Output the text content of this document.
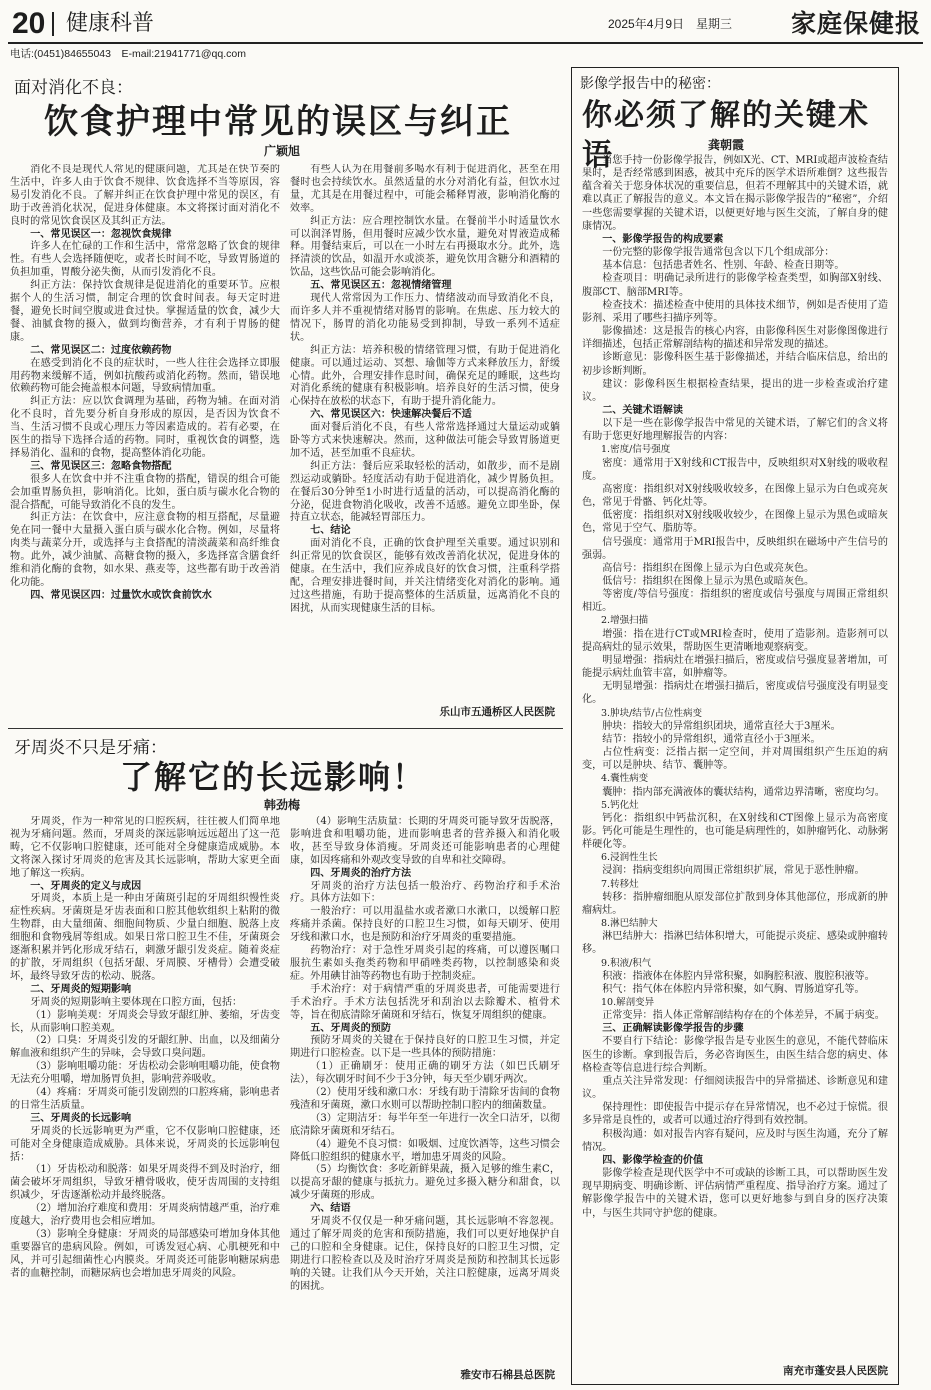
20 健康科普	2025年4月9日　星期三 家庭保健报
电话:(0451)84655043　E-mail:21941771@qq.com
面对消化不良：
饮食护理中常见的误区与纠正
广颖旭

消化不良是现代人常见的健康问题，尤其是在快节奏的生活中，许多人由于饮食不规律、饮食选择不当等原因，容易引发消化不良。了解并纠正在饮食护理中常见的误区，有助于改善消化状况，促进身体健康。本文将探讨面对消化不良时的常见饮食误区及其纠正方法。

一、常见误区一：忽视饮食规律

许多人在忙碌的工作和生活中，常常忽略了饮食的规律性。有些人会选择随便吃，或者长时间不吃，导致胃肠道的负担加重，胃酸分泌失衡，从而引发消化不良。

纠正方法：保持饮食规律是促进消化的重要环节。应根据个人的生活习惯，制定合理的饮食时间表。每天定时进餐，避免长时间空腹或进食过快。掌握适量的饮食，减少大餐、油腻食物的摄入，做到均衡营养，才有利于胃肠的健康。

二、常见误区二：过度依赖药物

在感受到消化不良的症状时，一些人往往会选择立即服用药物来缓解不适，例如抗酸药或消化药物。然而，错误地依赖药物可能会掩盖根本问题，导致病情加重。

纠正方法：应以饮食调理为基础，药物为辅。在面对消化不良时，首先要分析自身形成的原因，是否因为饮食不当、生活习惯不良或心理压力等因素造成的。若有必要，在医生的指导下选择合适的药物。同时，重视饮食的调整，选择易消化、温和的食物，提高整体消化功能。

三、常见误区三：忽略食物搭配

很多人在饮食中并不注重食物的搭配，错误的组合可能会加重胃肠负担，影响消化。比如，蛋白质与碳水化合物的混合搭配，可能导致消化不良的发生。

纠正方法：在饮食中，应注意食物的相互搭配，尽量避免在同一餐中大量摄入蛋白质与碳水化合物。例如，尽量将肉类与蔬菜分开，或选择与主食搭配的清淡蔬菜和高纤维食物。此外，减少油腻、高糖食物的摄入，多选择富含膳食纤维和消化酶的食物，如水果、燕麦等，这些都有助于改善消化功能。

四、常见误区四：过量饮水或饮食前饮水

有些人认为在用餐前多喝水有利于促进消化，甚至在用餐时也会持续饮水。虽然适量的水分对消化有益，但饮水过量，尤其是在用餐过程中，可能会稀释胃液，影响消化酶的效率。

纠正方法：应合理控制饮水量。在餐前半小时适量饮水可以润泽胃肠，但用餐时应减少饮水量，避免对胃液造成稀释。用餐结束后，可以在一小时左右再摄取水分。此外，选择清淡的饮品，如温开水或淡茶，避免饮用含糖分和酒精的饮品，这些饮品可能会影响消化。

五、常见误区五：忽视情绪管理

现代人常常因为工作压力、情绪波动而导致消化不良，而许多人并不重视情绪对肠胃的影响。在焦虑、压力较大的情况下，肠胃的消化功能易受到抑制，导致一系列不适症状。

纠正方法：培养积极的情绪管理习惯，有助于促进消化健康。可以通过运动、冥想、瑜伽等方式来释放压力，舒缓心情。此外，合理安排作息时间，确保充足的睡眠，这些均对消化系统的健康有积极影响。培养良好的生活习惯，使身心保持在放松的状态下，有助于提升消化能力。

六、常见误区六：快速解决餐后不适

面对餐后消化不良，有些人常常选择通过大量运动或躺卧等方式来快速解决。然而，这种做法可能会导致胃肠道更加不适，甚至加重不良症状。

纠正方法：餐后应采取轻松的活动，如散步，而不是剧烈运动或躺卧。轻度活动有助于促进消化，减少胃肠负担。在餐后30分钟至1小时进行适量的活动，可以提高消化酶的分泌，促进食物消化吸收，改善不适感。避免立即坐卧，保持直立状态，能减轻胃部压力。

七、结论

面对消化不良，正确的饮食护理至关重要。通过识别和纠正常见的饮食误区，能够有效改善消化状况，促进身体的健康。在生活中，我们应养成良好的饮食习惯，注重科学搭配，合理安排进餐时间，并关注情绪变化对消化的影响。通过这些措施，有助于提高整体的生活质量，远离消化不良的困扰，从而实现健康生活的目标。

乐山市五通桥区人民医院
牙周炎不只是牙痛：
了解它的长远影响！
韩劲梅

牙周炎，作为一种常见的口腔疾病，往往被人们简单地视为牙痛问题。然而，牙周炎的深远影响远远超出了这一范畴，它不仅影响口腔健康，还可能对全身健康造成威胁。本文将深入探讨牙周炎的危害及其长远影响，帮助大家更全面地了解这一疾病。

一、牙周炎的定义与成因

牙周炎，本质上是一种由牙菌斑引起的牙周组织慢性炎症性疾病。牙菌斑是牙齿表面和口腔其他软组织上粘附的微生物群，由大量细菌、细胞间物质、少量白细胞、脱落上皮细胞和食物残屑等组成。如果日常口腔卫生不佳，牙菌斑会逐渐积累并钙化形成牙结石，刺激牙龈引发炎症。随着炎症的扩散，牙周组织（包括牙龈、牙周膜、牙槽骨）会遭受破坏，最终导致牙齿的松动、脱落。

二、牙周炎的短期影响

牙周炎的短期影响主要体现在口腔方面，包括：

（1）影响美观：牙周炎会导致牙龈红肿、萎缩，牙齿变长，从而影响口腔美观。

（2）口臭：牙周炎引发的牙龈红肿、出血，以及细菌分解血液和组织产生的异味，会导致口臭问题。

（3）影响咀嚼功能：牙齿松动会影响咀嚼功能，使食物无法充分咀嚼，增加肠胃负担，影响营养吸收。

（4）疼痛：牙周炎可能引发剧烈的口腔疼痛，影响患者的日常生活质量。

三、牙周炎的长远影响

牙周炎的长远影响更为严重，它不仅影响口腔健康，还可能对全身健康造成威胁。具体来说，牙周炎的长远影响包括：

（1）牙齿松动和脱落：如果牙周炎得不到及时治疗，细菌会破坏牙周组织，导致牙槽骨吸收，使牙齿周围的支持组织减少，牙齿逐渐松动并最终脱落。

（2）增加治疗难度和费用：牙周炎病情越严重，治疗难度越大，治疗费用也会相应增加。

（3）影响全身健康：牙周炎的局部感染可增加身体其他重要器官的患病风险。例如，可诱发冠心病、心肌梗死和中风，并可引起细菌性心内膜炎。牙周炎还可能影响糖尿病患者的血糖控制，而糖尿病也会增加患牙周炎的风险。

（4）影响生活质量：长期的牙周炎可能导致牙齿脱落，影响进食和咀嚼功能，进而影响患者的营养摄入和消化吸收，甚至导致身体消瘦。牙周炎还可能影响患者的心理健康，如因疼痛和外观改变导致的自卑和社交障碍。

四、牙周炎的治疗方法

牙周炎的治疗方法包括一般治疗、药物治疗和手术治疗。具体方法如下：

一般治疗：可以用温盐水或者漱口水漱口，以缓解口腔疼痛并杀菌。保持良好的口腔卫生习惯，如每天刷牙、使用牙线和漱口水，也是预防和治疗牙周炎的重要措施。

药物治疗：对于急性牙周炎引起的疼痛，可以遵医嘱口服抗生素如头孢类药物和甲硝唑类药物，以控制感染和炎症。外用碘甘油等药物也有助于控制炎症。

手术治疗：对于病情严重的牙周炎患者，可能需要进行手术治疗。手术方法包括洗牙和刮治以去除瓣术、植骨术等，旨在彻底清除牙菌斑和牙结石，恢复牙周组织的健康。

五、牙周炎的预防

预防牙周炎的关键在于保持良好的口腔卫生习惯，并定期进行口腔检查。以下是一些具体的预防措施：

（1）正确刷牙：使用正确的刷牙方法（如巴氏刷牙法），每次刷牙时间不少于3分钟，每天至少刷牙两次。

（2）使用牙线和漱口水：牙线有助于清除牙齿间的食物残渣和牙菌斑，漱口水则可以帮助控制口腔内的细菌数量。

（3）定期洁牙：每半年至一年进行一次全口洁牙，以彻底清除牙菌斑和牙结石。

（4）避免不良习惯：如吸烟、过度饮酒等，这些习惯会降低口腔组织的健康水平，增加患牙周炎的风险。

（5）均衡饮食：多吃新鲜果蔬，摄入足够的维生素C，以提高牙龈的健康与抵抗力。避免过多摄入糖分和甜食，以减少牙菌斑的形成。

六、结语

牙周炎不仅仅是一种牙痛问题，其长远影响不容忽视。通过了解牙周炎的危害和预防措施，我们可以更好地保护自己的口腔和全身健康。记住，保持良好的口腔卫生习惯，定期进行口腔检查以及及时治疗牙周炎是预防和控制其长远影响的关键。让我们从今天开始，关注口腔健康，远离牙周炎的困扰。

雅安市石棉县总医院
影像学报告中的秘密：
你必须了解的关键术语	龚朝霞

当您手持一份影像学报告，例如X光、CT、MRI或超声波检查结果时，是否经常感到困惑，被其中充斥的医学术语所难倒？这些报告蕴含着关于您身体状况的重要信息，但若不理解其中的关键术语，就难以真正了解报告的意义。本文旨在揭示影像学报告的“秘密”，介绍一些您需要掌握的关键术语，以便更好地与医生交流，了解自身的健康情况。

一、影像学报告的构成要素

一份完整的影像学报告通常包含以下几个组成部分：

基本信息：包括患者姓名、性别、年龄、检查日期等。

检查项目：明确记录所进行的影像学检查类型，如胸部X射线、腹部CT、脑部MRI等。

检查技术：描述检查中使用的具体技术细节，例如是否使用了造影剂、采用了哪些扫描序列等。

影像描述：这是报告的核心内容，由影像科医生对影像图像进行详细描述，包括正常解剖结构的描述和异常发现的描述。

诊断意见：影像科医生基于影像描述，并结合临床信息，给出的初步诊断判断。

建议：影像科医生根据检查结果，提出的进一步检查或治疗建议。

二、关键术语解读

以下是一些在影像学报告中常见的关键术语，了解它们的含义将有助于您更好地理解报告的内容：

1.密度/信号强度

密度：通常用于X射线和CT报告中，反映组织对X射线的吸收程度。

高密度：指组织对X射线吸收较多，在图像上显示为白色或亮灰色，常见于骨骼、钙化灶等。

低密度：指组织对X射线吸收较少，在图像上显示为黑色或暗灰色，常见于空气、脂肪等。

信号强度：通常用于MRI报告中，反映组织在磁场中产生信号的强弱。

高信号：指组织在图像上显示为白色或亮灰色。

低信号：指组织在图像上显示为黑色或暗灰色。

等密度/等信号强度：指组织的密度或信号强度与周围正常组织相近。

2.增强扫描

增强：指在进行CT或MRI检查时，使用了造影剂。造影剂可以提高病灶的显示效果，帮助医生更清晰地观察病变。

明显增强：指病灶在增强扫描后，密度或信号强度显著增加，可能提示病灶血管丰富，如肿瘤等。

无明显增强：指病灶在增强扫描后，密度或信号强度没有明显变化。

3.肿块/结节/占位性病变

肿块：指较大的异常组织团块，通常直径大于3厘米。

结节：指较小的异常组织，通常直径小于3厘米。

占位性病变：泛指占据一定空间，并对周围组织产生压迫的病变，可以是肿块、结节、囊肿等。

4.囊性病变

囊肿：指内部充满液体的囊状结构，通常边界清晰，密度均匀。

5.钙化灶

钙化：指组织中钙盐沉积，在X射线和CT图像上显示为高密度影。钙化可能是生理性的，也可能是病理性的，如肿瘤钙化、动脉粥样硬化等。

6.浸润性生长

浸润：指病变组织向周围正常组织扩展，常见于恶性肿瘤。

7.转移灶

转移：指肿瘤细胞从原发部位扩散到身体其他部位，形成新的肿瘤病灶。

8.淋巴结肿大

淋巴结肿大：指淋巴结体积增大，可能提示炎症、感染或肿瘤转移。

9.积液/积气

积液：指液体在体腔内异常积聚，如胸腔积液、腹腔积液等。

积气：指气体在体腔内异常积聚，如气胸、胃肠道穿孔等。

10.解剖变异

正常变异：指人体正常解剖结构存在的个体差异，不属于病变。

三、正确解读影像学报告的步骤

不要自行下结论：影像学报告是专业医生的意见，不能代替临床医生的诊断。拿到报告后，务必咨询医生，由医生结合您的病史、体格检查等信息进行综合判断。

重点关注异常发现：仔细阅读报告中的异常描述、诊断意见和建议。

保持理性：即使报告中提示存在异常情况，也不必过于惊慌。很多异常是良性的，或者可以通过治疗得到有效控制。

积极沟通：如对报告内容有疑问，应及时与医生沟通，充分了解情况。

四、影像学检查的价值

影像学检查是现代医学中不可或缺的诊断工具，可以帮助医生发现早期病变、明确诊断、评估病情严重程度、指导治疗方案。通过了解影像学报告中的关键术语，您可以更好地参与到自身的医疗决策中，与医生共同守护您的健康。

南充市蓬安县人民医院
